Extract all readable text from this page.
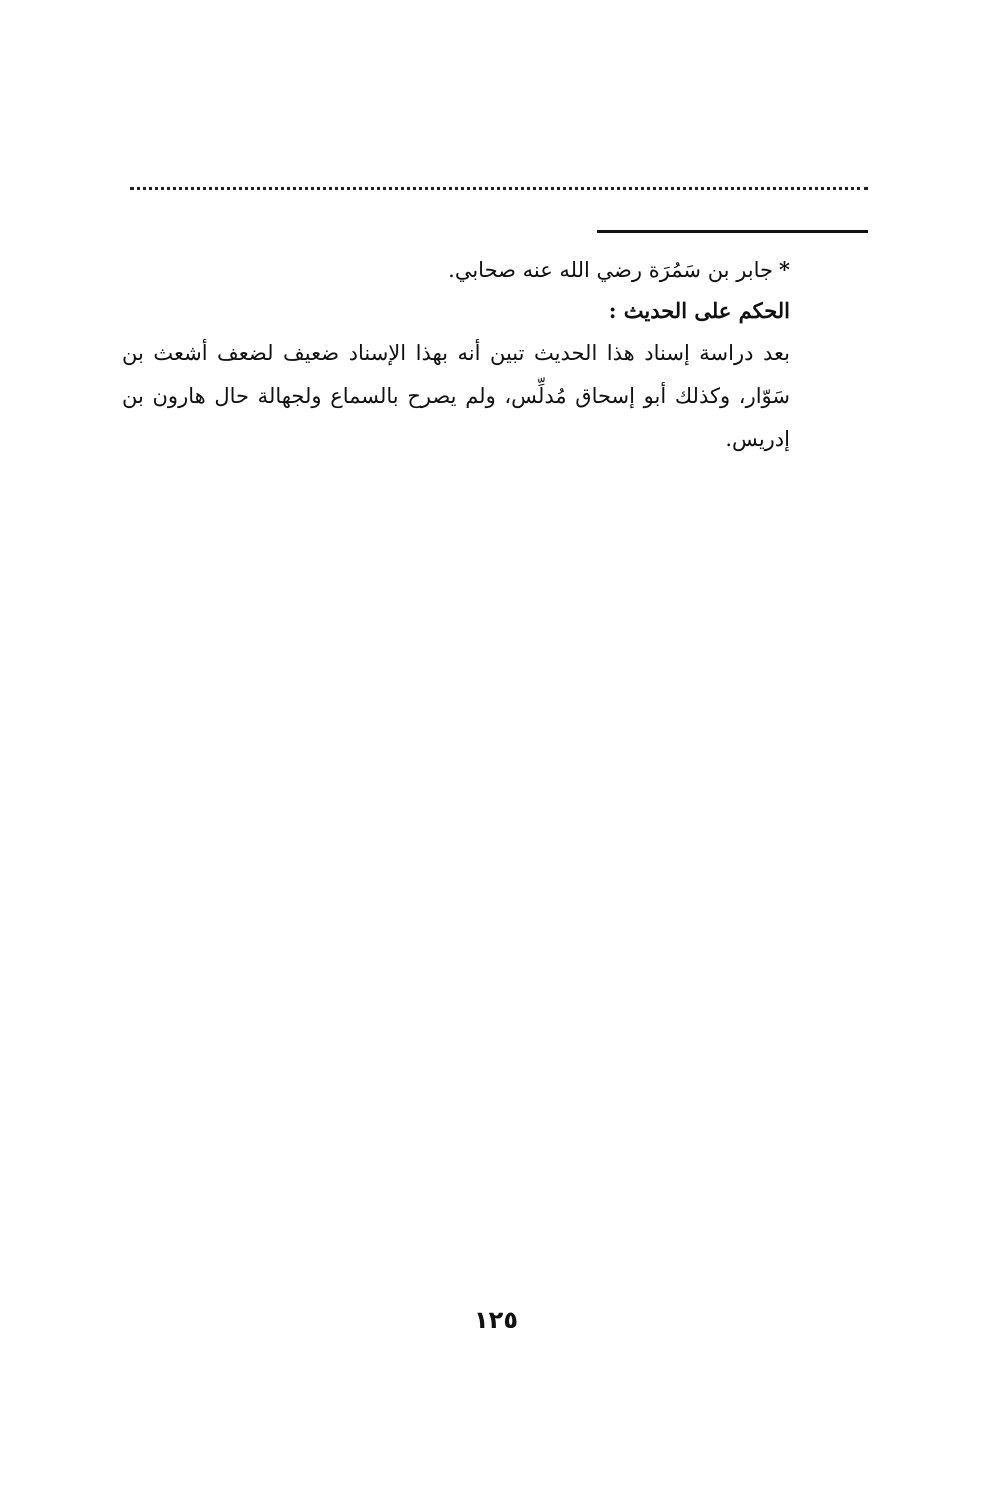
*جابر بن سَمُرَة رضي الله عنه صحابي.
الحكم على الحديث :
بعد دراسة إسناد هذا الحديث تبين أنه بهذا الإسناد ضعيف لضعف أشعث بن سَوّار، وكذلك أبو إسحاق مُدلِّس، ولم يصرح بالسماع ولجهالة حال هارون بن إدريس.
١٢٥
